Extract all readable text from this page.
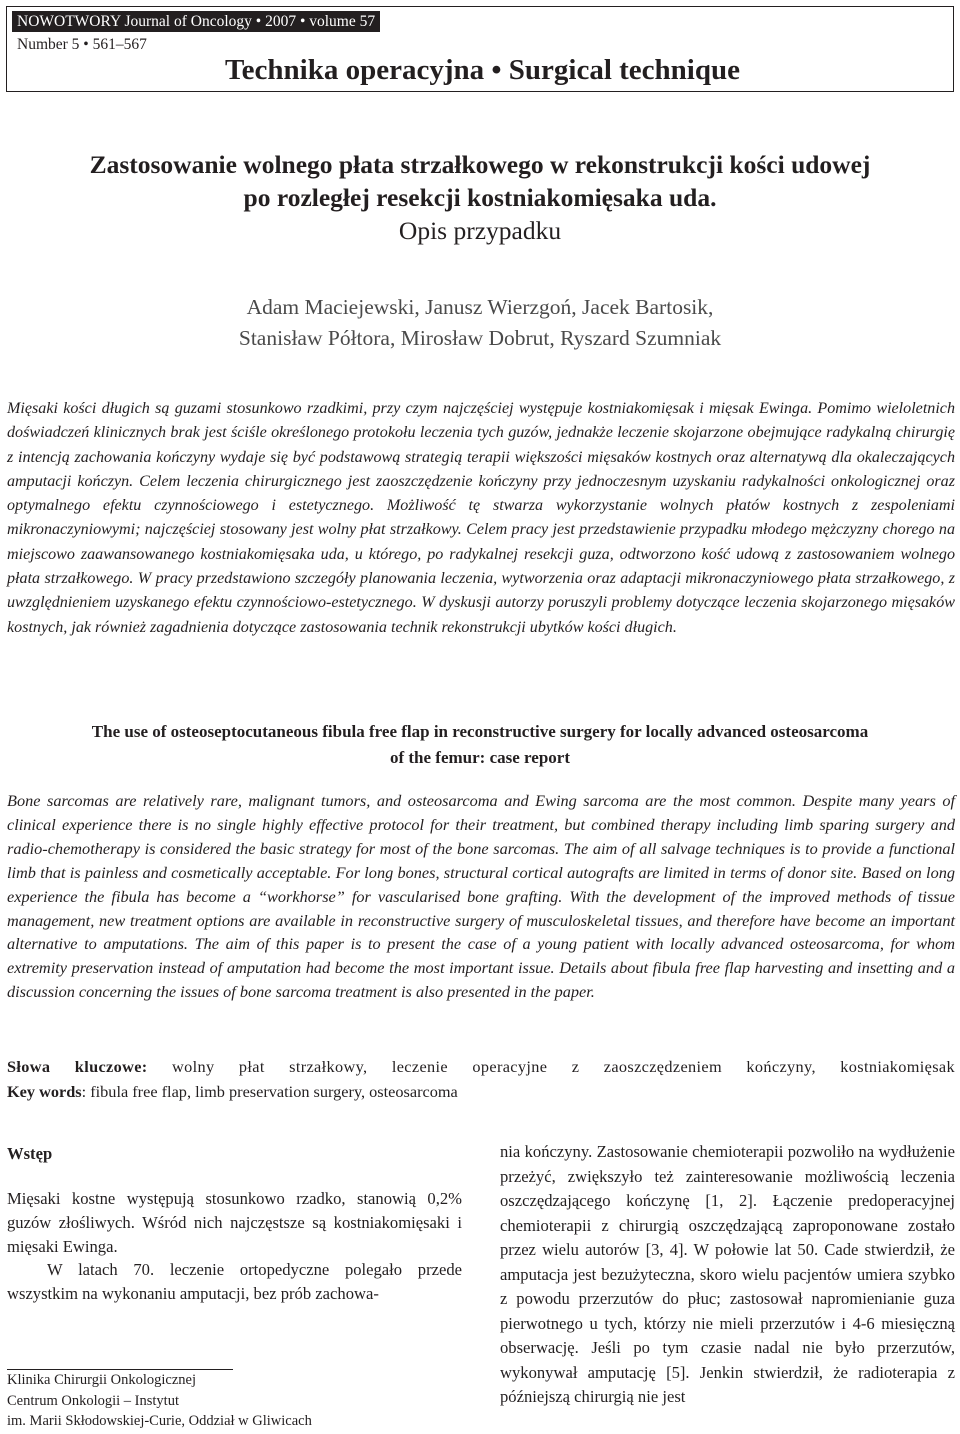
NOWOTWORY Journal of Oncology • 2007 • volume 57
Number 5 • 561–567
Technika operacyjna • Surgical technique
Zastosowanie wolnego płata strzałkowego w rekonstrukcji kości udowej
po rozległej resekcji kostniakomięsaka uda.
Opis przypadku
Adam Maciejewski, Janusz Wierzgoń, Jacek Bartosik,
Stanisław Półtora, Mirosław Dobrut, Ryszard Szumniak

Mięsaki kości długich są guzami stosunkowo rzadkimi, przy czym najczęściej występuje kostniakomięsak i mięsak Ewinga. Pomimo wieloletnich doświadczeń klinicznych brak jest ściśle określonego protokołu leczenia tych guzów, jednakże leczenie skojarzone obejmujące radykalną chirurgię z intencją zachowania kończyny wydaje się być podstawową strategią terapii większości mięsaków kostnych oraz alternatywą dla okaleczających amputacji kończyn. Celem leczenia chirurgicznego jest zaoszczędzenie kończyny przy jednoczesnym uzyskaniu radykalności onkologicznej oraz optymalnego efektu czynnościowego i estetycznego. Możliwość tę stwarza wykorzystanie wolnych płatów kostnych z zespoleniami mikronaczyniowymi; najczęściej stosowany jest wolny płat strzałkowy. Celem pracy jest przedstawienie przypadku młodego mężczyzny chorego na miejscowo zaawansowanego kostniakomięsaka uda, u którego, po radykalnej resekcji guza, odtworzono kość udową z zastosowaniem wolnego płata strzałkowego. W pracy przedstawiono szczegóły planowania leczenia, wytworzenia oraz adaptacji mikronaczyniowego płata strzałkowego, z uwzględnieniem uzyskanego efektu czynnościowo-estetycznego. W dyskusji autorzy poruszyli problemy dotyczące leczenia skojarzonego mięsaków kostnych, jak również zagadnienia dotyczące zastosowania technik rekonstrukcji ubytków kości długich.

The use of osteoseptocutaneous fibula free flap in reconstructive surgery for locally advanced osteosarcoma
of the femur: case report

Bone sarcomas are relatively rare, malignant tumors, and osteosarcoma and Ewing sarcoma are the most common. Despite many years of clinical experience there is no single highly effective protocol for their treatment, but combined therapy including limb sparing surgery and radio-chemotherapy is considered the basic strategy for most of the bone sarcomas. The aim of all salvage techniques is to provide a functional limb that is painless and cosmetically acceptable. For long bones, structural cortical autografts are limited in terms of donor site. Based on long experience the fibula has become a “workhorse” for vascularised bone grafting. With the development of the improved methods of tissue management, new treatment options are available in reconstructive surgery of musculoskeletal tissues, and therefore have become an important alternative to amputations. The aim of this paper is to present the case of a young patient with locally advanced osteosarcoma, for whom extremity preservation instead of amputation had become the most important issue. Details about fibula free flap harvesting and insetting and a discussion concerning the issues of bone sarcoma treatment is also presented in the paper.

Słowa kluczowe: wolny płat strzałkowy, leczenie operacyjne z zaoszczędzeniem kończyny, kostniakomięsak
Key words: fibula free flap, limb preservation surgery, osteosarcoma
Wstęp

Mięsaki kostne występują stosunkowo rzadko, stanowią 0,2% guzów złośliwych. Wśród nich najczęstsze są kostniakomięsaki i mięsaki Ewinga.

W latach 70. leczenie ortopedyczne polegało przede wszystkim na wykonaniu amputacji, bez prób zachowa-

Klinika Chirurgii Onkologicznej
Centrum Onkologii – Instytut
im. Marii Skłodowskiej-Curie, Oddział w Gliwicach

nia kończyny. Zastosowanie chemioterapii pozwoliło na wydłużenie przeżyć, zwiększyło też zainteresowanie możliwością leczenia oszczędzającego kończynę [1, 2]. Łączenie predoperacyjnej chemioterapii z chirurgią oszczędzającą zaproponowane zostało przez wielu autorów [3, 4]. W połowie lat 50. Cade stwierdził, że amputacja jest bezużyteczna, skoro wielu pacjentów umiera szybko z powodu przerzutów do płuc; zastosował napromienianie guza pierwotnego u tych, którzy nie mieli przerzutów i 4-6 miesięczną obserwację. Jeśli po tym czasie nadal nie było przerzutów, wykonywał amputację [5]. Jenkin stwierdził, że radioterapia z późniejszą chirurgią nie jest
